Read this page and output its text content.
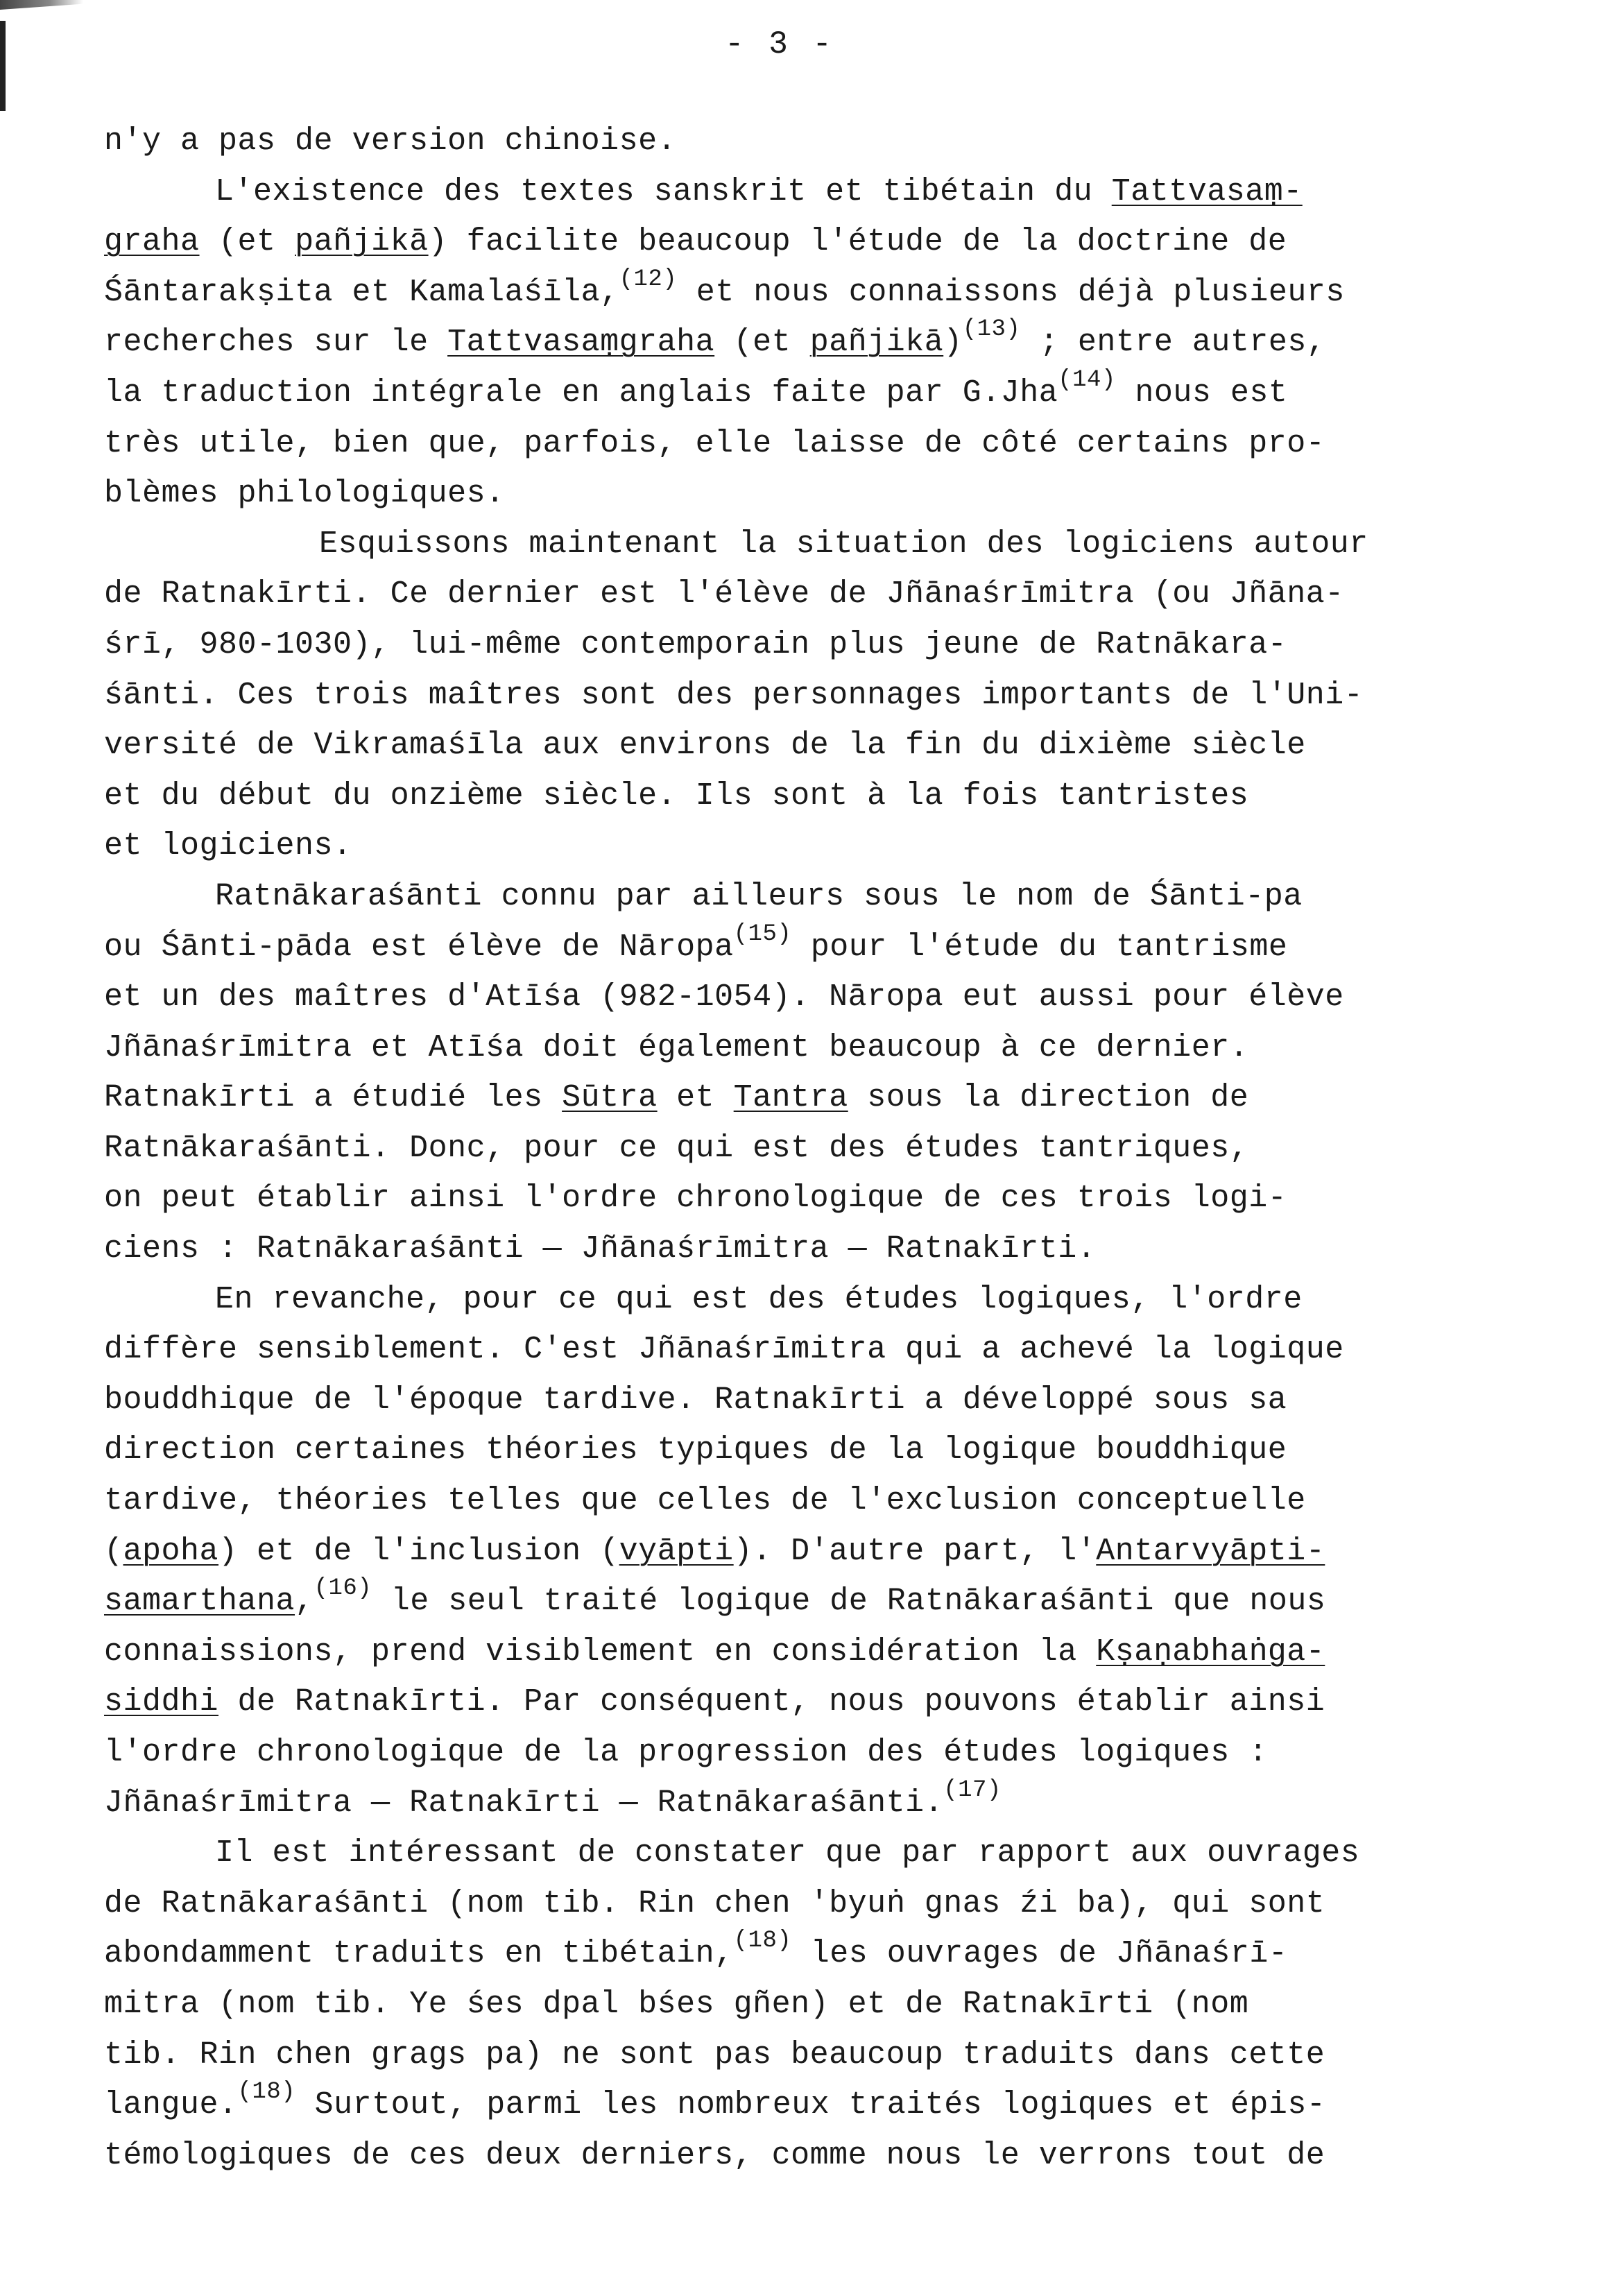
- 3 -
n'y a pas de version chinoise.
L'existence des textes sanskrit et tibétain du Tattvasaṃ-
graha (et pañjikā) facilite beaucoup l'étude de la doctrine de
Śāntarakṣita et Kamalaśīla,$^{(12)}$ et nous connaissons déjà plusieurs
recherches sur le Tattvasaṃgraha (et pañjikā)$^{(13)}$ ; entre autres,
la traduction intégrale en anglais faite par G.Jha$^{(14)}$ nous est
très utile, bien que, parfois, elle laisse de côté certains pro-
blèmes philologiques.
Esquissons maintenant la situation des logiciens autour
de Ratnakīrti. Ce dernier est l'élève de Jñānaśrīmitra (ou Jñāna-
śrī, 980-1030), lui-même contemporain plus jeune de Ratnākara-
śānti. Ces trois maîtres sont des personnages importants de l'Uni-
versité de Vikramaśīla aux environs de la fin du dixième siècle
et du début du onzième siècle. Ils sont à la fois tantristes
et logiciens.
Ratnākaraśānti connu par ailleurs sous le nom de Śānti-pa
ou Śānti-pāda est élève de Nāropa$^{(15)}$ pour l'étude du tantrisme
et un des maîtres d'Atīśa (982-1054). Nāropa eut aussi pour élève
Jñānaśrīmitra et Atīśa doit également beaucoup à ce dernier.
Ratnakīrti a étudié les Sūtra et Tantra sous la direction de
Ratnākaraśānti. Donc, pour ce qui est des études tantriques,
on peut établir ainsi l'ordre chronologique de ces trois logi-
ciens : Ratnākaraśānti — Jñānaśrīmitra — Ratnakīrti.
En revanche, pour ce qui est des études logiques, l'ordre
diffère sensiblement. C'est Jñānaśrīmitra qui a achevé la logique
bouddhique de l'époque tardive. Ratnakīrti a développé sous sa
direction certaines théories typiques de la logique bouddhique
tardive, théories telles que celles de l'exclusion conceptuelle
(apoha) et de l'inclusion (vyāpti). D'autre part, l'Antarvyāpti-
samarthana,$^{(16)}$ le seul traité logique de Ratnākaraśānti que nous
connaissions, prend visiblement en considération la Kṣaṇabhaṅga-
siddhi de Ratnakīrti. Par conséquent, nous pouvons établir ainsi
l'ordre chronologique de la progression des études logiques :
Jñānaśrīmitra — Ratnakīrti — Ratnākaraśānti.$^{(17)}$
Il est intéressant de constater que par rapport aux ouvrages
de Ratnākaraśānti (nom tib. Rin chen 'byuṅ gnas źi ba), qui sont
abondamment traduits en tibétain,$^{(18)}$ les ouvrages de Jñānaśrī-
mitra (nom tib. Ye śes dpal bśes gñen) et de Ratnakīrti (nom
tib. Rin chen grags pa) ne sont pas beaucoup traduits dans cette
langue.$^{(18)}$ Surtout, parmi les nombreux traités logiques et épis-
témologiques de ces deux derniers, comme nous le verrons tout de
